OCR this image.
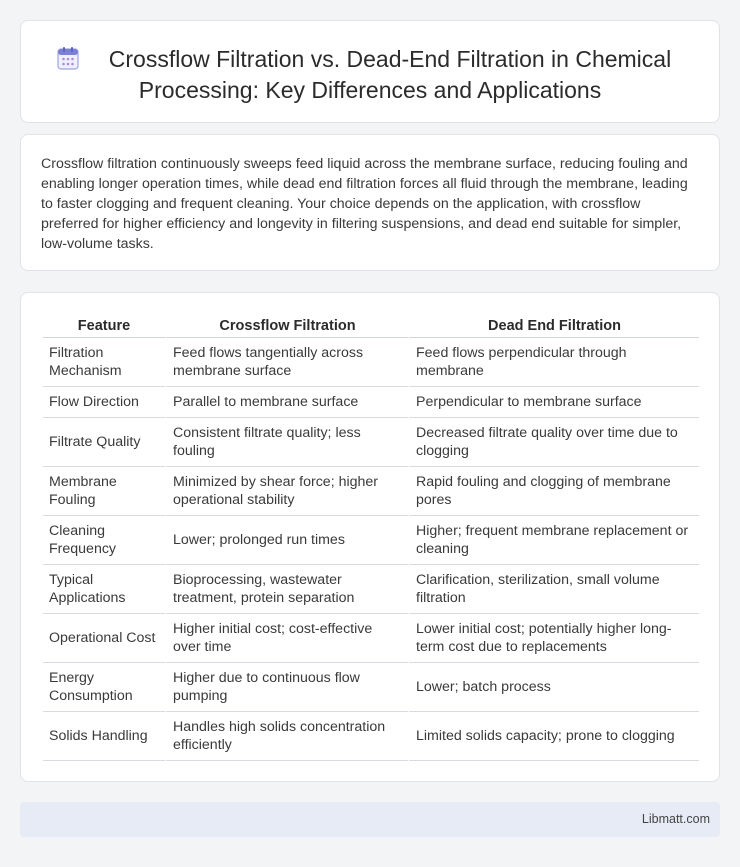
Crossflow Filtration vs. Dead-End Filtration in Chemical Processing: Key Differences and Applications

Crossflow filtration continuously sweeps feed liquid across the membrane surface, reducing fouling and enabling longer operation times, while dead end filtration forces all fluid through the membrane, leading to faster clogging and frequent cleaning. Your choice depends on the application, with crossflow preferred for higher efficiency and longevity in filtering suspensions, and dead end suitable for simpler, low-volume tasks.

Feature	Crossflow Filtration	Dead End Filtration
Filtration Mechanism	Feed flows tangentially across membrane surface	Feed flows perpendicular through membrane
Flow Direction	Parallel to membrane surface	Perpendicular to membrane surface
Filtrate Quality	Consistent filtrate quality; less fouling	Decreased filtrate quality over time due to clogging
Membrane Fouling	Minimized by shear force; higher operational stability	Rapid fouling and clogging of membrane pores
Cleaning Frequency	Lower; prolonged run times	Higher; frequent membrane replacement or cleaning
Typical Applications	Bioprocessing, wastewater treatment, protein separation	Clarification, sterilization, small volume filtration
Operational Cost	Higher initial cost; cost-effective over time	Lower initial cost; potentially higher long-term cost due to replacements
Energy Consumption	Higher due to continuous flow pumping	Lower; batch process
Solids Handling	Handles high solids concentration efficiently	Limited solids capacity; prone to clogging
Libmatt.com
